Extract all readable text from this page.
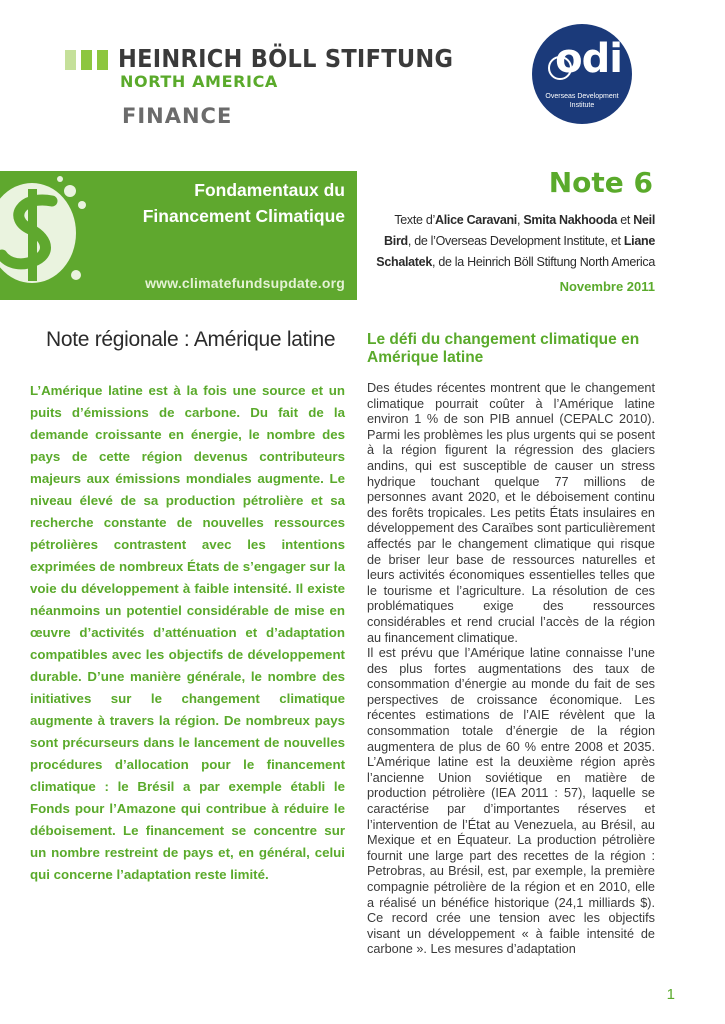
HEINRICH BÖLL STIFTUNG
NORTH AMERICA
FINANCE
odi
Overseas Development Institute
Fondamentaux du
Financement Climatique
www.climatefundsupdate.org
Note 6
Texte d’Alice Caravani, Smita Nakhooda et Neil Bird, de l’Overseas Development Institute, et Liane Schalatek, de la Heinrich Böll Stiftung North America
Novembre 2011
Note régionale : Amérique latine
L’Amérique latine est à la fois une source et un puits d’émissions de carbone. Du fait de la demande croissante en énergie, le nombre des pays de cette région devenus contributeurs majeurs aux émissions mondiales augmente. Le niveau élevé de sa production pétrolière et sa recherche constante de nouvelles ressources pétrolières contrastent avec les intentions exprimées de nombreux États de s’engager sur la voie du développement à faible intensité. Il existe néanmoins un potentiel considérable de mise en œuvre d’activités d’atténuation et d’adaptation compatibles avec les objectifs de développement durable. D’une manière générale, le nombre des initiatives sur le changement climatique augmente à travers la région. De nombreux pays sont précurseurs dans le lancement de nouvelles procédures d’allocation pour le financement climatique : le Brésil a par exemple établi le Fonds pour l’Amazone qui contribue à réduire le déboisement. Le financement se concentre sur un nombre restreint de pays et, en général, celui qui concerne l’adaptation reste limité.
Le défi du changement climatique en Amérique latine
Des études récentes montrent que le changement climatique pourrait coûter à l’Amérique latine environ 1 % de son PIB annuel (CEPALC 2010). Parmi les problèmes les plus urgents qui se posent à la région figurent la régression des glaciers andins, qui est susceptible de causer un stress hydrique touchant quelque 77 millions de personnes avant 2020, et le déboisement continu des forêts tropicales. Les petits États insulaires en développement des Caraïbes sont particulièrement affectés par le changement climatique qui risque de briser leur base de ressources naturelles et leurs activités économiques essentielles telles que le tourisme et l’agriculture. La résolution de ces problématiques exige des ressources considérables et rend crucial l’accès de la région au financement climatique.
Il est prévu que l’Amérique latine connaisse l’une des plus fortes augmentations des taux de consommation d’énergie au monde du fait de ses perspectives de croissance économique. Les récentes estimations de l’AIE révèlent que la consommation totale d’énergie de la région augmentera de plus de 60 % entre 2008 et 2035. L’Amérique latine est la deuxième région après l’ancienne Union soviétique en matière de production pétrolière (IEA 2011 : 57), laquelle se caractérise par d’importantes réserves et l’intervention de l’État au Venezuela, au Brésil, au Mexique et en Équateur. La production pétrolière fournit une large part des recettes de la région : Petrobras, au Brésil, est, par exemple, la première compagnie pétrolière de la région et en 2010, elle a réalisé un bénéfice historique (24,1 milliards $). Ce record crée une tension avec les objectifs visant un développement « à faible intensité de carbone ». Les mesures d’adaptation
1
